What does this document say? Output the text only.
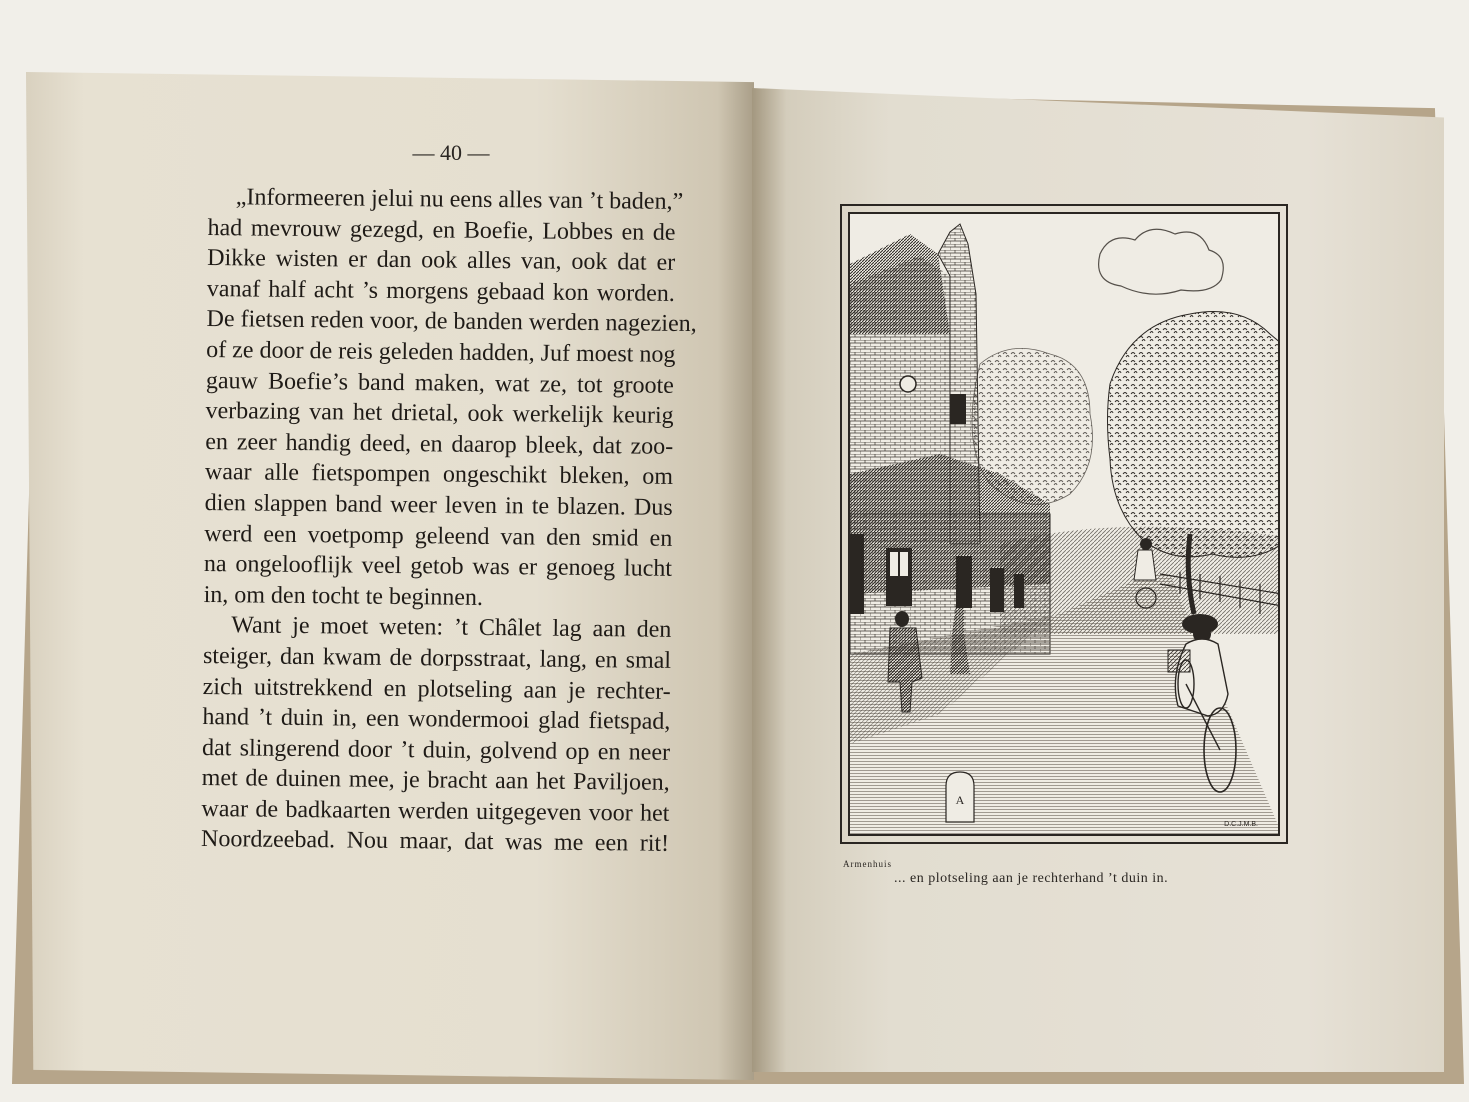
— 40 —
„Informeeren jelui nu eens alles van ’t baden,”
had mevrouw gezegd, en Boefie, Lobbes en de
Dikke wisten er dan ook alles van, ook dat er
vanaf half acht ’s morgens gebaad kon worden.
De fietsen reden voor, de banden werden nagezien,
of ze door de reis geleden hadden, Juf moest nog
gauw Boefie’s band maken, wat ze, tot groote
verbazing van het drietal, ook werkelijk keurig
en zeer handig deed, en daarop bleek, dat zoo-
waar alle fietspompen ongeschikt bleken, om
dien slappen band weer leven in te blazen. Dus
werd een voetpomp geleend van den smid en
na ongelooflijk veel getob was er genoeg lucht
in, om den tocht te beginnen.
Want je moet weten: ’t Châlet lag aan den
steiger, dan kwam de dorpsstraat, lang, en smal
zich uitstrekkend en plotseling aan je rechter-
hand ’t duin in, een wondermooi glad fietspad,
dat slingerend door ’t duin, golvend op en neer
met de duinen mee, je bracht aan het Paviljoen,
waar de badkaarten werden uitgegeven voor het
Noordzeebad. Nou maar, dat was me een rit!
A
D.C.J.M.B.
Armenhuis
... en plotseling aan je rechterhand ’t duin in.
